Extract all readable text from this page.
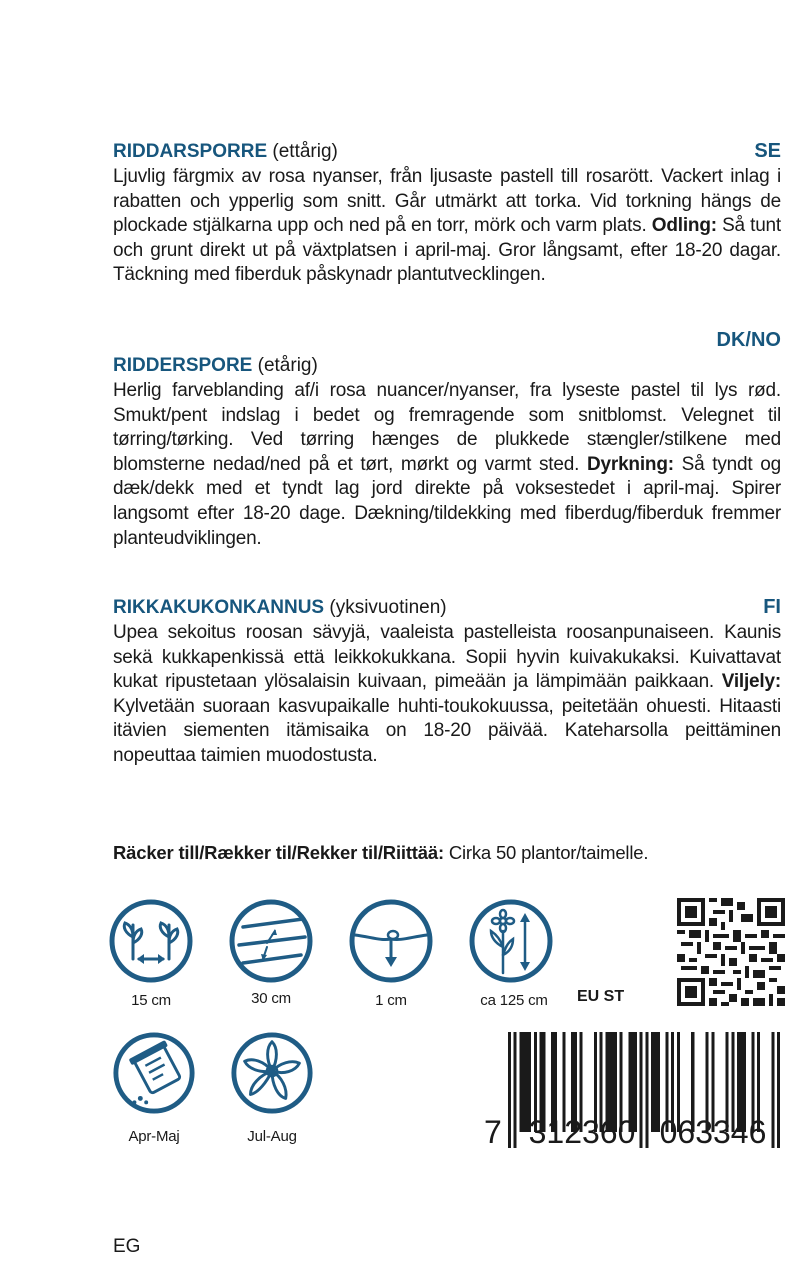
RIDDARSPORRE (ettårig)	SE

Ljuvlig färgmix av rosa nyanser, från ljusaste pastell till rosarött. Vackert inlag i rabatten och ypperlig som snitt. Går utmärkt att torka. Vid torkning hängs de plockade stjälkarna upp och ned på en torr, mörk och varm plats. Odling: Så tunt och grunt direkt ut på växtplatsen i april-maj. Gror långsamt, efter 18-20 dagar. Täckning med fiberduk påskynadr plantutvecklingen.

DK/NO
RIDDERSPORE (etårig)

Herlig farveblanding af/i rosa nuancer/nyanser, fra lyseste pastel til lys rød. Smukt/pent indslag i bedet og fremragende som snitblomst. Velegnet til tørring/tørking. Ved tørring hænges de plukkede stængler/stilkene med blomsterne nedad/ned på et tørt, mørkt og varmt sted. Dyrkning: Så tyndt og dæk/dekk med et tyndt lag jord direkte på voksestedet i april-maj. Spirer langsomt efter 18-20 dage. Dækning/tildekking med fiberdug/fiberduk fremmer planteudviklingen.

RIKKAKUKONKANNUS (yksivuotinen)	FI

Upea sekoitus roosan sävyjä, vaaleista pastelleista roosanpunaiseen. Kaunis sekä kukkapenkissä että leikkokukkana. Sopii hyvin kuivakukaksi. Kuivattavat kukat ripustetaan ylösalaisin kuivaan, pimeään ja lämpimään paikkaan. Viljely: Kylvetään suoraan kasvupaikalle huhti-toukokuussa, peitetään ohuesti. Hitaasti itävien siementen itämisaika on 18-20 päivää. Kateharsolla peittäminen nopeuttaa taimien muodostusta.

Räcker till/Rækker til/Rekker til/Riittää: Cirka 50 plantor/taimelle.
15 cm	30 cm	1 cm	ca 125 cm	EU ST
Apr-Maj	Jul-Aug	7 312360 063346
EG
